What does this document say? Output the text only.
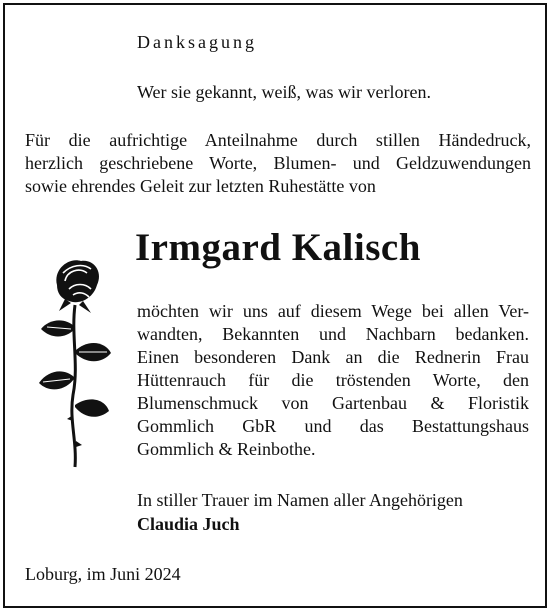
Danksagung
Wer sie gekannt, weiß, was wir verloren.
Für die aufrichtige Anteilnahme durch stillen Händedruck,
herzlich geschriebene Worte, Blumen- und Geldzuwendungen
sowie ehrendes Geleit zur letzten Ruhestätte von
Irmgard Kalisch
möchten wir uns auf diesem Wege bei allen Ver-
wandten, Bekannten und Nachbarn bedanken.
Einen besonderen Dank an die Rednerin Frau
Hüttenrauch für die tröstenden Worte, den
Blumenschmuck von Gartenbau & Floristik
Gommlich GbR und das Bestattungshaus
Gommlich & Reinbothe.
In stiller Trauer im Namen aller Angehörigen
Claudia Juch
Loburg, im Juni 2024
